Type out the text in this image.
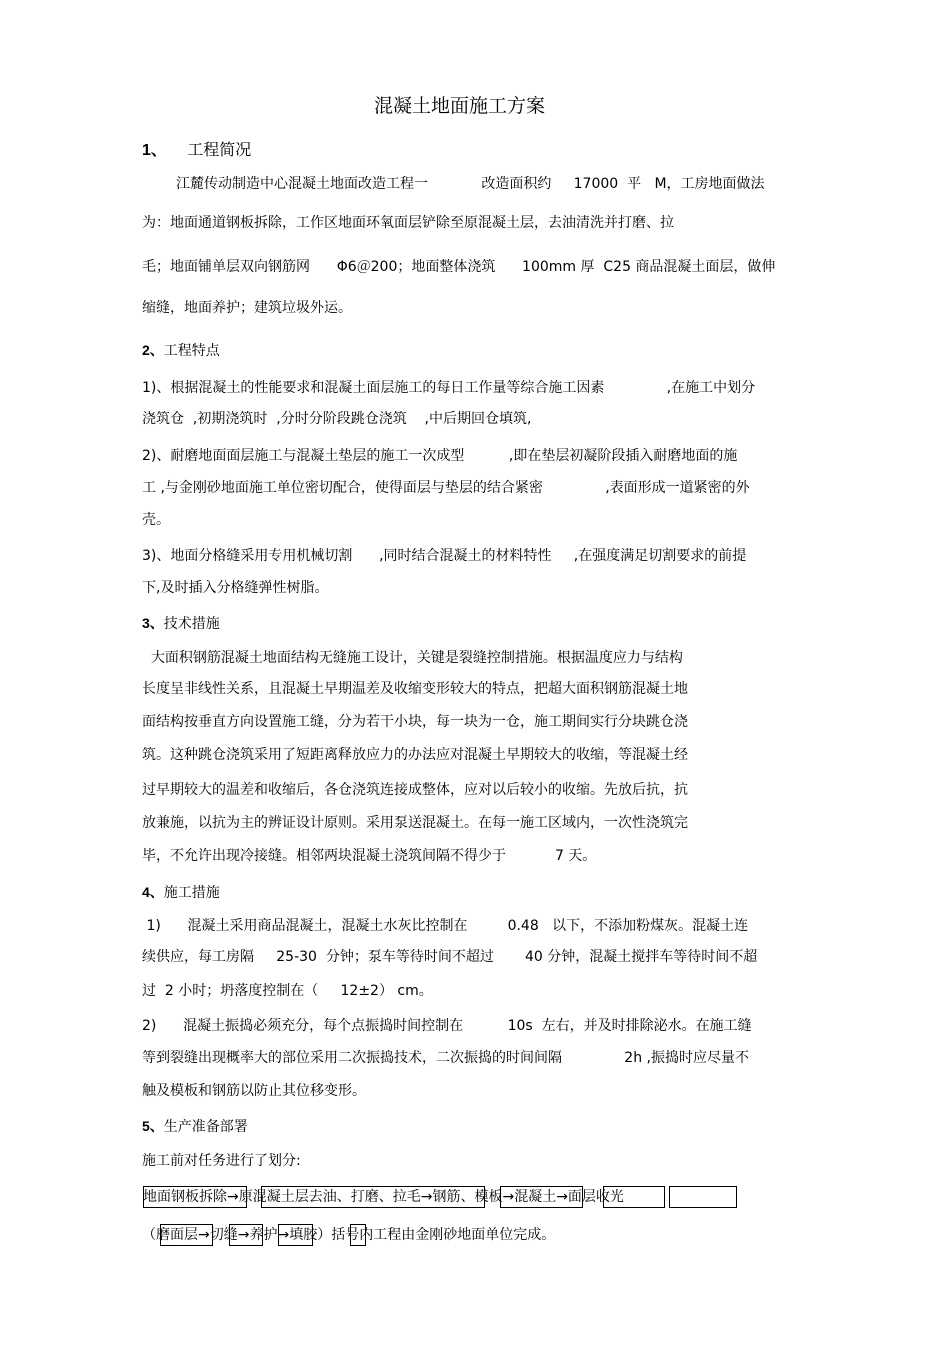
混凝土地面施工方案
1、 工程简况
江麓传动制造中心混凝土地面改造工程一            改造面积约     17000  平   M，工房地面做法
为：地面通道钢板拆除，工作区地面环氧面层铲除至原混凝土层，去油清洗并打磨、拉
毛；地面铺单层双向钢筋网      Φ6＠200；地面整体浇筑      100mm 厚  C25 商品混凝土面层，做伸
缩缝，地面养护；建筑垃圾外运。
2、工程特点
1)、根据混凝土的性能要求和混凝土面层施工的每日工作量等综合施工因素              ,在施工中划分
浇筑仓  ,初期浇筑时  ,分时分阶段跳仓浇筑    ,中后期回仓填筑,
2)、耐磨地面面层施工与混凝土垫层的施工一次成型          ,即在垫层初凝阶段插入耐磨地面的施
工 ,与金刚砂地面施工单位密切配合，使得面层与垫层的结合紧密              ,表面形成一道紧密的外
壳。
3)、地面分格缝采用专用机械切割      ,同时结合混凝土的材料特性     ,在强度满足切割要求的前提
下,及时插入分格缝弹性树脂。
3、技术措施
大面积钢筋混凝土地面结构无缝施工设计，关键是裂缝控制措施。根据温度应力与结构
长度呈非线性关系，且混凝土早期温差及收缩变形较大的特点，把超大面积钢筋混凝土地
面结构按垂直方向设置施工缝，分为若干小块，每一块为一仓，施工期间实行分块跳仓浇
筑。这种跳仓浇筑采用了短距离释放应力的办法应对混凝土早期较大的收缩，等混凝土经
过早期较大的温差和收缩后，各仓浇筑连接成整体，应对以后较小的收缩。先放后抗，抗
放兼施，以抗为主的辨证设计原则。采用泵送混凝土。在每一施工区域内，一次性浇筑完
毕，不允许出现冷接缝。相邻两块混凝土浇筑间隔不得少于           7 天。
4、施工措施
1)      混凝土采用商品混凝土，混凝土水灰比控制在         0.48   以下，不添加粉煤灰。混凝土连
续供应，每工房隔     25-30  分钟；泵车等待时间不超过       40 分钟，混凝土搅拌车等待时间不超
过  2 小时；坍落度控制在（     12±2） cm。
2)      混凝土振捣必须充分，每个点振捣时间控制在          10s  左右，并及时排除泌水。在施工缝
等到裂缝出现概率大的部位采用二次振捣技术，二次振捣的时间间隔              2h ,振捣时应尽量不
触及模板和钢筋以防止其位移变形。
5、生产准备部署
施工前对任务进行了划分:
地面钢板拆除→原混凝土层去油、打磨、拉毛→钢筋、模板→混凝土→面层收光
（磨面层→切缝→养护→填胶）括号内工程由金刚砂地面单位完成。
